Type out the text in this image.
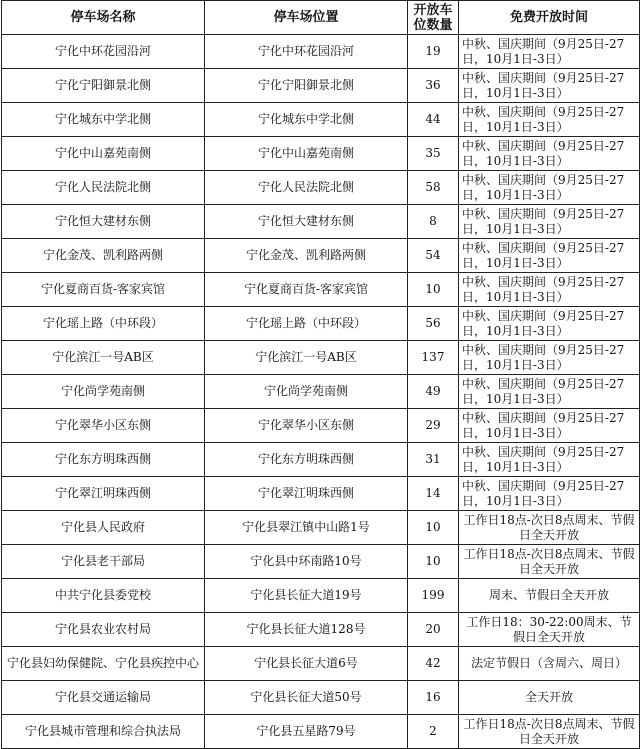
停车场名称	停车场位置	开放车位数量	免费开放时间
宁化中环花园沿河	宁化中环花园沿河	19	中秋、国庆期间（9月25日-27日，10月1日-3日）
宁化宁阳御景北侧	宁化宁阳御景北侧	36	中秋、国庆期间（9月25日-27日，10月1日-3日）
宁化城东中学北侧	宁化城东中学北侧	44	中秋、国庆期间（9月25日-27日，10月1日-3日）
宁化中山嘉苑南侧	宁化中山嘉苑南侧	35	中秋、国庆期间（9月25日-27日，10月1日-3日）
宁化人民法院北侧	宁化人民法院北侧	58	中秋、国庆期间（9月25日-27日，10月1日-3日）
宁化恒大建材东侧	宁化恒大建材东侧	8	中秋、国庆期间（9月25日-27日，10月1日-3日）
宁化金茂、凯利路两侧	宁化金茂、凯利路两侧	54	中秋、国庆期间（9月25日-27日，10月1日-3日）
宁化夏商百货-客家宾馆	宁化夏商百货-客家宾馆	10	中秋、国庆期间（9月25日-27日，10月1日-3日）
宁化瑶上路（中环段）	宁化瑶上路（中环段）	56	中秋、国庆期间（9月25日-27日，10月1日-3日）
宁化滨江一号AB区	宁化滨江一号AB区	137	中秋、国庆期间（9月25日-27日，10月1日-3日）
宁化尚学苑南侧	宁化尚学苑南侧	49	中秋、国庆期间（9月25日-27日，10月1日-3日）
宁化翠华小区东侧	宁化翠华小区东侧	29	中秋、国庆期间（9月25日-27日，10月1日-3日）
宁化东方明珠西侧	宁化东方明珠西侧	31	中秋、国庆期间（9月25日-27日，10月1日-3日）
宁化翠江明珠西侧	宁化翠江明珠西侧	14	中秋、国庆期间（9月25日-27日，10月1日-3日）
宁化县人民政府	宁化县翠江镇中山路1号	10	工作日18点-次日8点周末、节假日全天开放
宁化县老干部局	宁化县中环南路10号	10	工作日18点-次日8点周末、节假日全天开放
中共宁化县委党校	宁化县长征大道19号	199	周末、节假日全天开放
宁化县农业农村局	宁化县长征大道128号	20	工作日18：30-22:00周末、节假日全天开放
宁化县妇幼保健院、宁化县疾控中心	宁化县长征大道6号	42	法定节假日（含周六、周日）
宁化县交通运输局	宁化县长征大道50号	16	全天开放
宁化县城市管理和综合执法局	宁化县五星路79号	2	工作日18点-次日8点周末、节假日全天开放
